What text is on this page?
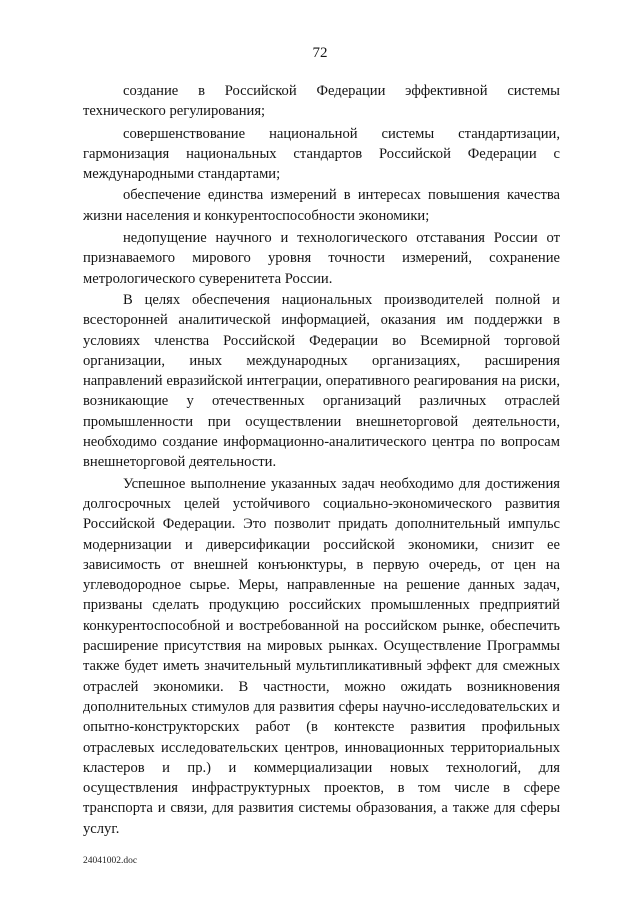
72

создание в Российской Федерации эффективной системы технического регулирования;

совершенствование национальной системы стандартизации, гармонизация национальных стандартов Российской Федерации с международными стандартами;

обеспечение единства измерений в интересах повышения качества жизни населения и конкурентоспособности экономики;

недопущение научного и технологического отставания России от признаваемого мирового уровня точности измерений, сохранение метрологического суверенитета России.

В целях обеспечения национальных производителей полной и всесторонней аналитической информацией, оказания им поддержки в условиях членства Российской Федерации во Всемирной торговой организации, иных международных организациях, расширения направлений евразийской интеграции, оперативного реагирования на риски, возникающие у отечественных организаций различных отраслей промышленности при осуществлении внешнеторговой деятельности, необходимо создание информационно-аналитического центра по вопросам внешнеторговой деятельности.

Успешное выполнение указанных задач необходимо для достижения долгосрочных целей устойчивого социально-экономического развития Российской Федерации. Это позволит придать дополнительный импульс модернизации и диверсификации российской экономики, снизит ее зависимость от внешней конъюнктуры, в первую очередь, от цен на углеводородное сырье. Меры, направленные на решение данных задач, призваны сделать продукцию российских промышленных предприятий конкурентоспособной и востребованной на российском рынке, обеспечить расширение присутствия на мировых рынках. Осуществление Программы также будет иметь значительный мультипликативный эффект для смежных отраслей экономики. В частности, можно ожидать возникновения дополнительных стимулов для развития сферы научно-исследовательских и опытно-конструкторских работ (в контексте развития профильных отраслевых исследовательских центров, инновационных территориальных кластеров и пр.) и коммерциализации новых технологий, для осуществления инфраструктурных проектов, в том числе в сфере транспорта и связи, для развития системы образования, а также для сферы услуг.

24041002.doc
